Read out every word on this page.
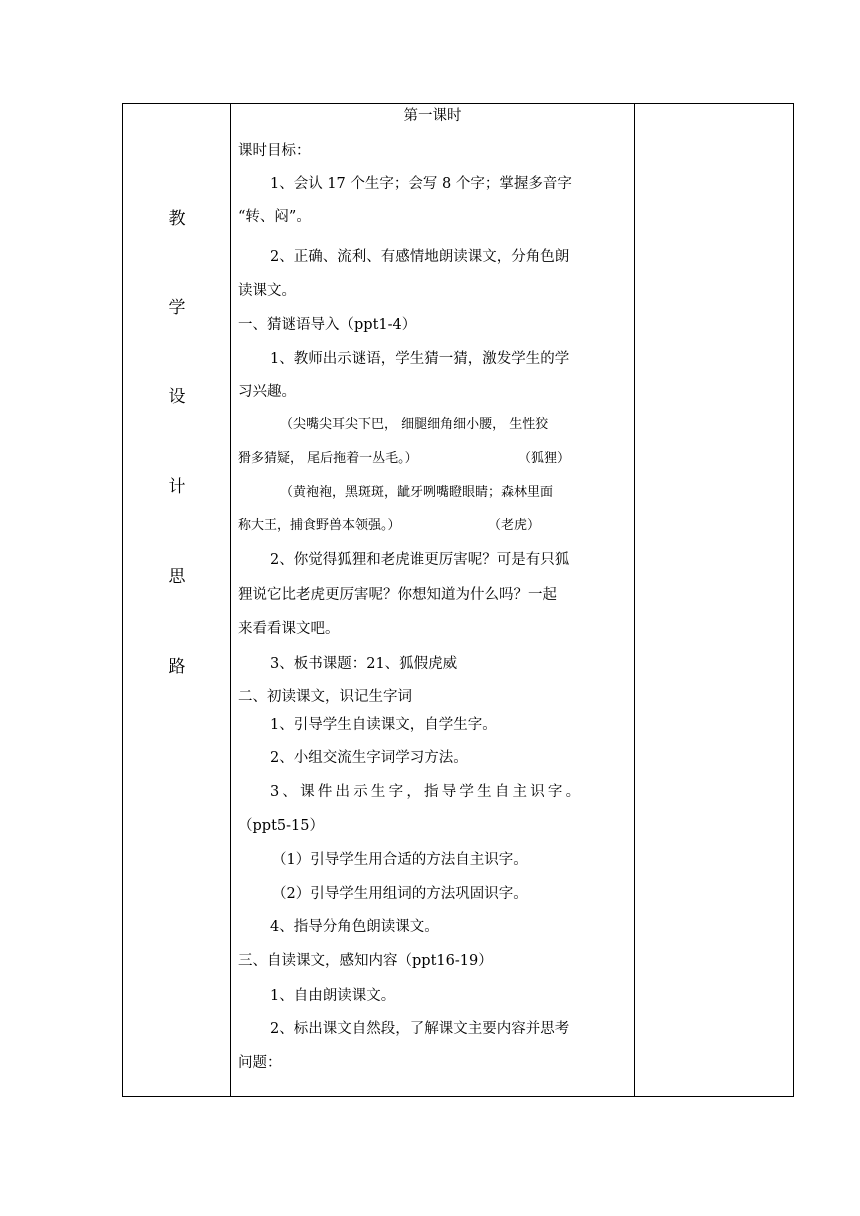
教
学
设
计
思
路
第一课时
课时目标：
1、会认 17 个生字；会写 8 个字；掌握多音字
“转、闷”。
2、正确、流利、有感情地朗读课文，分角色朗
读课文。
一、猜谜语导入（ppt1-4）
1、教师出示谜语，学生猜一猜，激发学生的学
习兴趣。
（尖嘴尖耳尖下巴， 细腿细角细小腰， 生性狡
猾多猜疑， 尾后拖着一丛毛。）	（狐狸）
（黄袍袍，黑斑斑，龇牙咧嘴瞪眼睛；森林里面
称大王，捕食野兽本领强。）	（老虎）
2、你觉得狐狸和老虎谁更厉害呢？可是有只狐
狸说它比老虎更厉害呢？你想知道为什么吗？一起
来看看课文吧。
3、板书课题：21、狐假虎威
二、初读课文，识记生字词
1、引导学生自读课文，自学生字。
2、小组交流生字词学习方法。
3、课件出示生字，指导学生自主识字。
（ppt5-15）
（1）引导学生用合适的方法自主识字。
（2）引导学生用组词的方法巩固识字。
4、指导分角色朗读课文。
三、自读课文，感知内容（ppt16-19）
1、自由朗读课文。
2、标出课文自然段，了解课文主要内容并思考
问题：
